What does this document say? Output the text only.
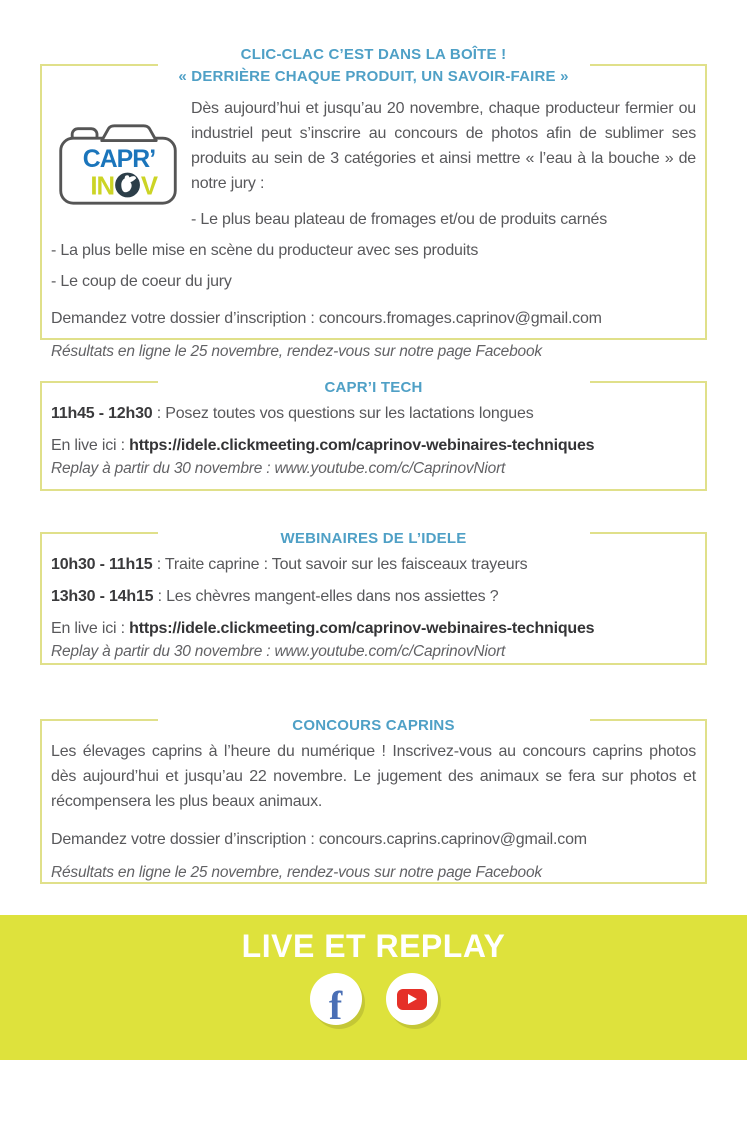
CLIC-CLAC C’EST DANS LA BOÎTE !
« DERRIÈRE CHAQUE PRODUIT, UN SAVOIR-FAIRE »
CAPR’
IN V

Dès aujourd’hui et jusqu’au 20 novembre, chaque producteur fermier ou industriel peut s’inscrire au concours de photos afin de sublimer ses produits au sein de 3 catégories et ainsi mettre « l’eau à la bouche » de notre jury :

- Le plus beau plateau de fromages et/ou de produits carnés

- La plus belle mise en scène du producteur avec ses produits

- Le coup de coeur du jury

Demandez votre dossier d’inscription : concours.fromages.caprinov@gmail.com

Résultats en ligne le 25 novembre, rendez-vous sur notre page Facebook

CAPR’I TECH

11h45 - 12h30 : Posez toutes vos questions sur les lactations longues

En live ici : https://idele.clickmeeting.com/caprinov-webinaires-techniques

Replay à partir du 30 novembre : www.youtube.com/c/CaprinovNiort

WEBINAIRES DE L’IDELE

10h30 - 11h15 : Traite caprine : Tout savoir sur les faisceaux trayeurs

13h30 - 14h15 : Les chèvres mangent-elles dans nos assiettes ?

En live ici : https://idele.clickmeeting.com/caprinov-webinaires-techniques

Replay à partir du 30 novembre : www.youtube.com/c/CaprinovNiort

CONCOURS CAPRINS

Les élevages caprins à l’heure du numérique ! Inscrivez-vous au concours caprins photos dès aujourd’hui et jusqu’au 22 novembre. Le jugement des animaux se fera sur photos et récompensera les plus beaux animaux.

Demandez votre dossier d’inscription : concours.caprins.caprinov@gmail.com

Résultats en ligne le 25 novembre, rendez-vous sur notre page Facebook

LIVE ET REPLAY
f
